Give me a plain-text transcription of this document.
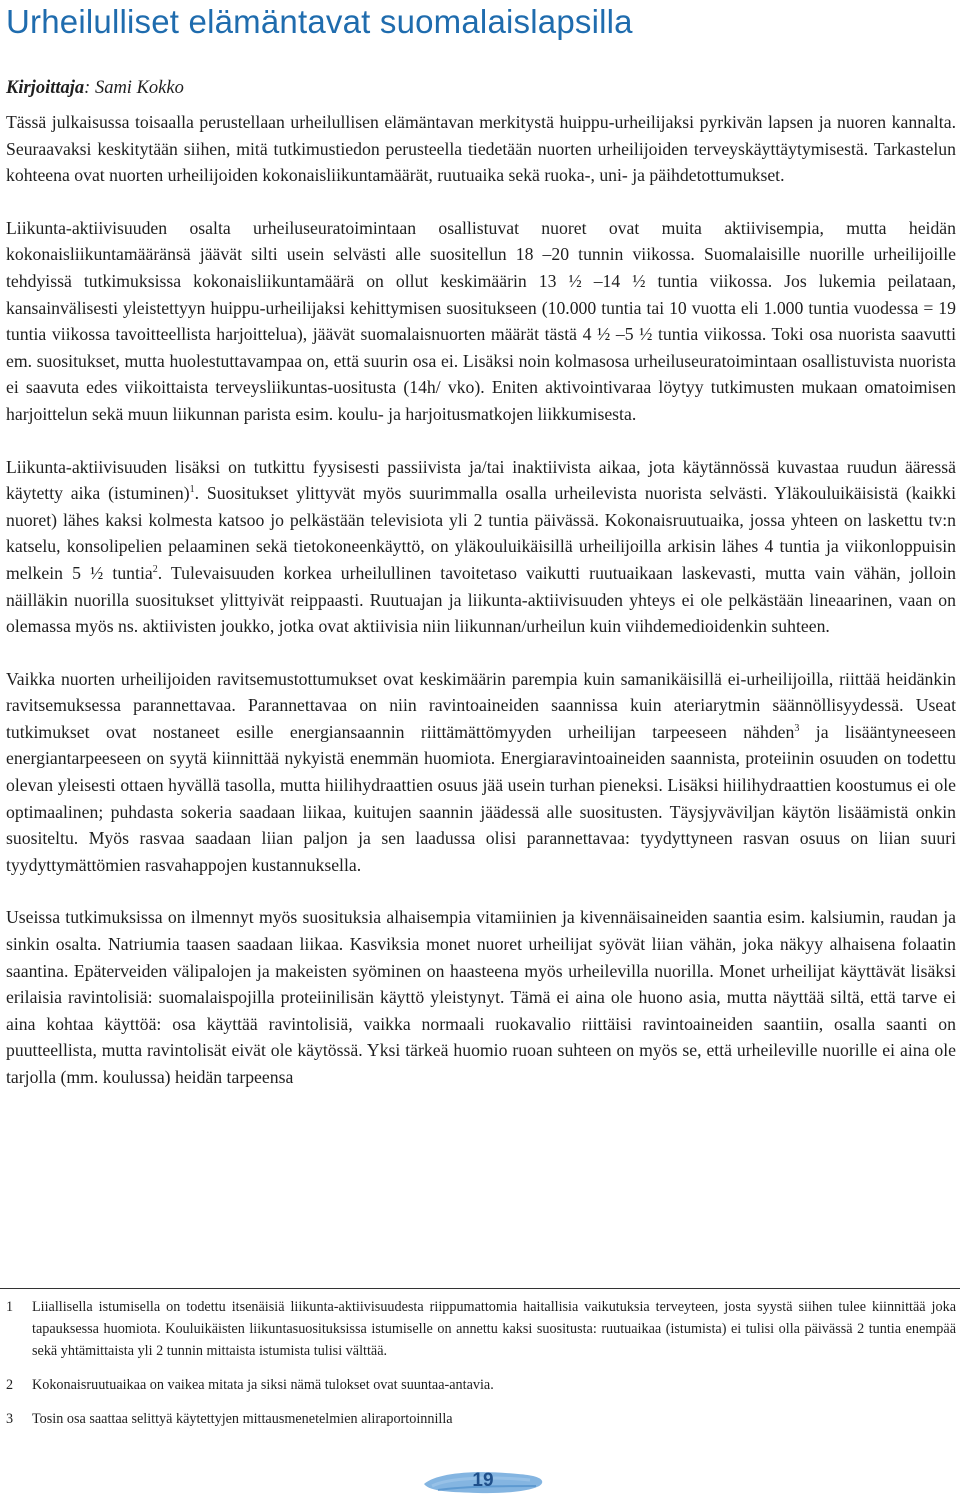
Urheilulliset elämäntavat suomalaislapsilla
Kirjoittaja: Sami Kokko

Tässä julkaisussa toisaalla perustellaan urheilullisen elämäntavan merkitystä huippu-urheilijaksi pyrkivän lapsen ja nuoren kannalta. Seuraavaksi keskitytään siihen, mitä tutkimustiedon perusteella tiedetään nuorten urheilijoiden terveyskäyttäytymisestä. Tarkastelun kohteena ovat nuorten urheilijoiden kokonaisliikuntamäärät, ruutuaika sekä ruoka-, uni- ja päihdetottumukset.

Liikunta-aktiivisuuden osalta urheiluseuratoimintaan osallistuvat nuoret ovat muita aktiivisempia, mutta heidän kokonaisliikuntamääränsä jäävät silti usein selvästi alle suositellun 18 –20 tunnin viikossa. Suomalaisille nuorille urheilijoille tehdyissä tutkimuksissa kokonaisliikuntamäärä on ollut keskimäärin 13 ½ –14 ½ tuntia viikossa. Jos lukemia peilataan, kansainvälisesti yleistettyyn huippu-urheilijaksi kehittymisen suositukseen (10.000 tuntia tai 10 vuotta eli 1.000 tuntia vuodessa = 19 tuntia viikossa tavoitteellista harjoittelua), jäävät suomalaisnuorten määrät tästä 4 ½ –5 ½ tuntia viikossa. Toki osa nuorista saavutti em. suositukset, mutta huolestuttavampaa on, että suurin osa ei. Lisäksi noin kolmasosa urheiluseuratoimintaan osallistuvista nuorista ei saavuta edes viikoittaista terveysliikuntas-uositusta (14h/ vko). Eniten aktivointivaraa löytyy tutkimusten mukaan omatoimisen harjoittelun sekä muun liikunnan parista esim. koulu- ja harjoitusmatkojen liikkumisesta.

Liikunta-aktiivisuuden lisäksi on tutkittu fyysisesti passiivista ja/tai inaktiivista aikaa, jota käytännössä kuvastaa ruudun ääressä käytetty aika (istuminen)$^1$. Suositukset ylittyvät myös suurimmalla osalla urheilevista nuorista selvästi. Yläkouluikäisistä (kaikki nuoret) lähes kaksi kolmesta katsoo jo pelkästään televisiota yli 2 tuntia päivässä. Kokonaisruutuaika, jossa yhteen on laskettu tv:n katselu, konsolipelien pelaaminen sekä tietokoneenkäyttö, on yläkouluikäisillä urheilijoilla arkisin lähes 4 tuntia ja viikonloppuisin melkein 5 ½ tuntia$^2$. Tulevaisuuden korkea urheilullinen tavoitetaso vaikutti ruutuaikaan laskevasti, mutta vain vähän, jolloin näilläkin nuorilla suositukset ylittyivät reippaasti. Ruutuajan ja liikunta-aktiivisuuden yhteys ei ole pelkästään lineaarinen, vaan on olemassa myös ns. aktiivisten joukko, jotka ovat aktiivisia niin liikunnan/urheilun kuin viihdemedioidenkin suhteen.

Vaikka nuorten urheilijoiden ravitsemustottumukset ovat keskimäärin parempia kuin samanikäisillä ei-urheilijoilla, riittää heidänkin ravitsemuksessa parannettavaa. Parannettavaa on niin ravintoaineiden saannissa kuin ateriarytmin säännöllisyydessä. Useat tutkimukset ovat nostaneet esille energiansaannin riittämättömyyden urheilijan tarpeeseen nähden$^3$ ja lisääntyneeseen energiantarpeeseen on syytä kiinnittää nykyistä enemmän huomiota. Energiaravintoaineiden saannista, proteiinin osuuden on todettu olevan yleisesti ottaen hyvällä tasolla, mutta hiilihydraattien osuus jää usein turhan pieneksi. Lisäksi hiilihydraattien koostumus ei ole optimaalinen; puhdasta sokeria saadaan liikaa, kuitujen saannin jäädessä alle suositusten. Täysjyväviljan käytön lisäämistä onkin suositeltu. Myös rasvaa saadaan liian paljon ja sen laadussa olisi parannettavaa: tyydyttyneen rasvan osuus on liian suuri tyydyttymättömien rasvahappojen kustannuksella.

Useissa tutkimuksissa on ilmennyt myös suosituksia alhaisempia vitamiinien ja kivennäisaineiden saantia esim. kalsiumin, raudan ja sinkin osalta. Natriumia taasen saadaan liikaa. Kasviksia monet nuoret urheilijat syövät liian vähän, joka näkyy alhaisena folaatin saantina. Epäterveiden välipalojen ja makeisten syöminen on haasteena myös urheilevilla nuorilla. Monet urheilijat käyttävät lisäksi erilaisia ravintolisiä: suomalaispojilla proteiinilisän käyttö yleistynyt. Tämä ei aina ole huono asia, mutta näyttää siltä, että tarve ei aina kohtaa käyttöä: osa käyttää ravintolisiä, vaikka normaali ruokavalio riittäisi ravintoaineiden saantiin, osalla saanti on puutteellista, mutta ravintolisät eivät ole käytössä. Yksi tärkeä huomio ruoan suhteen on myös se, että urheileville nuorille ei aina ole tarjolla (mm. koulussa) heidän tarpeensa

1	Liiallisella istumisella on todettu itsenäisiä liikunta-aktiivisuudesta riippumattomia haitallisia vaikutuksia terveyteen, josta syystä siihen tulee kiinnittää joka tapauksessa huomiota. Kouluikäisten liikuntasuosituksissa istumiselle on annettu kaksi suositusta: ruutuaikaa (istumista) ei tulisi olla päivässä 2 tuntia enempää sekä yhtämittaista yli 2 tunnin mittaista istumista tulisi välttää.
2	Kokonaisruutuaikaa on vaikea mitata ja siksi nämä tulokset ovat suuntaa-antavia.
3	Tosin osa saattaa selittyä käytettyjen mittausmenetelmien aliraportoinnilla
19
